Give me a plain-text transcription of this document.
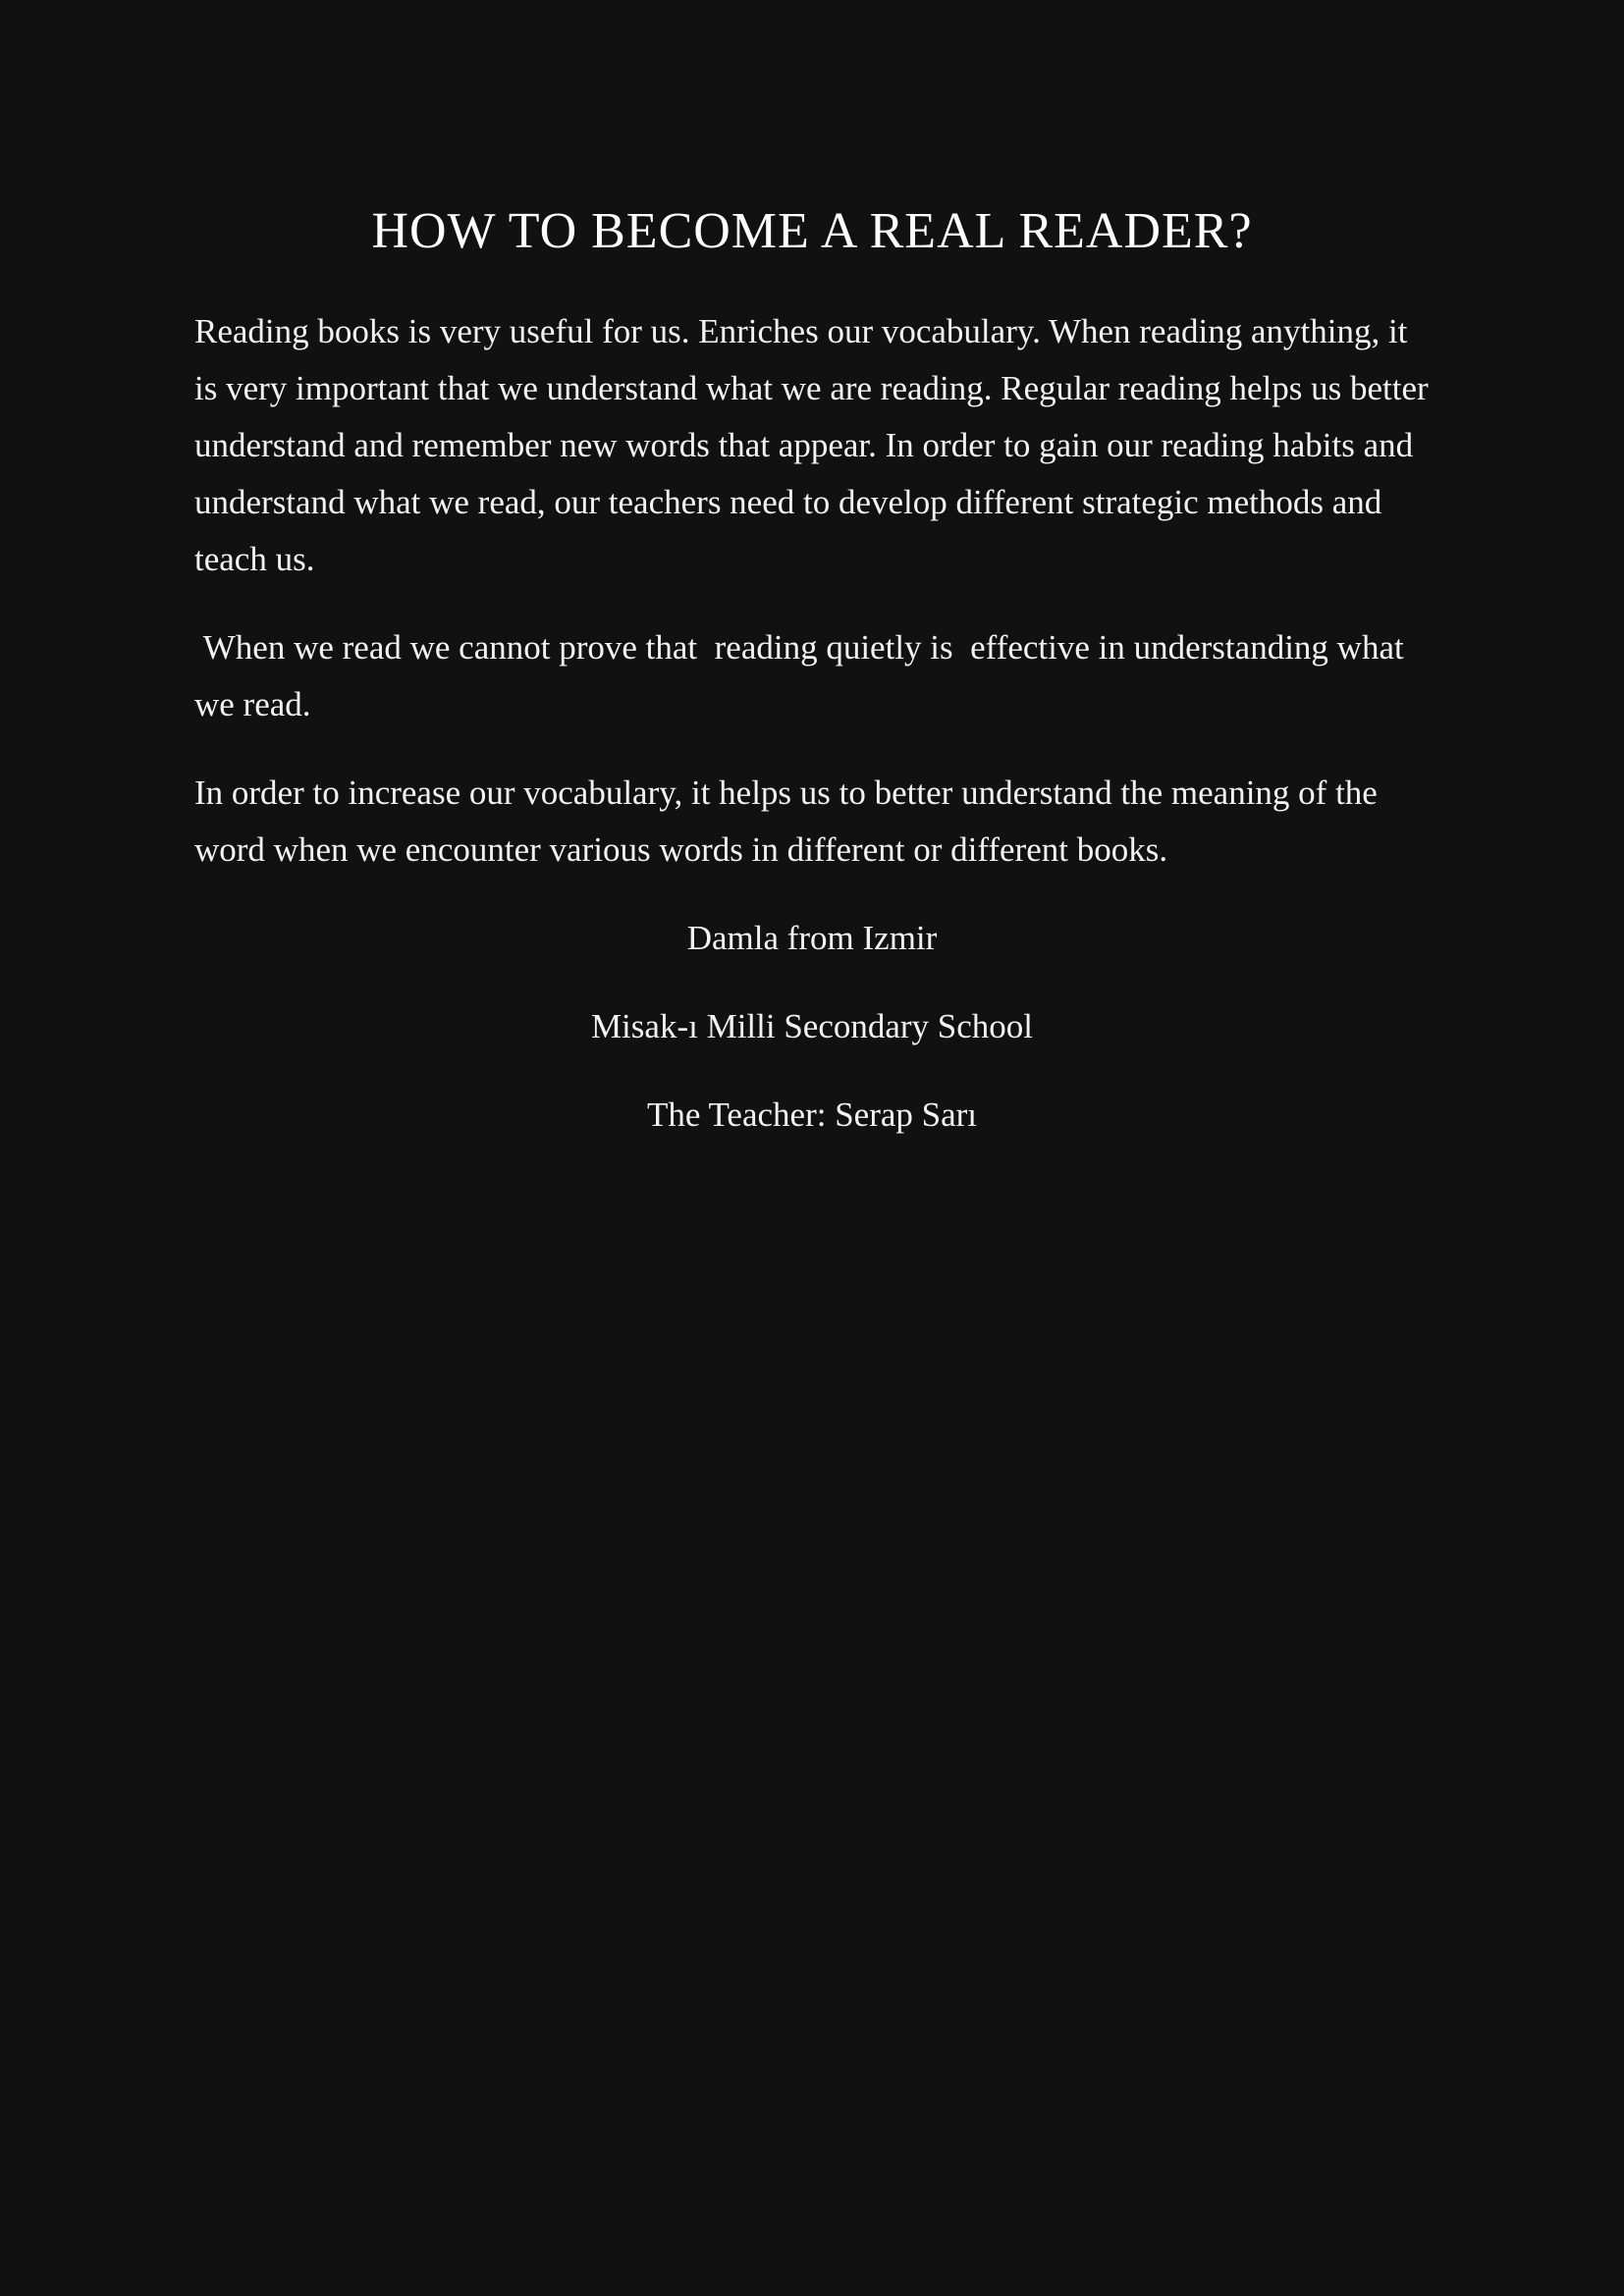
HOW TO BECOME A REAL READER?

Reading books is very useful for us. Enriches our vocabulary. When reading anything, it is very important that we understand what we are reading. Regular reading helps us better understand and remember new words that appear. In order to gain our reading habits and understand what we read, our teachers need to develop different strategic methods and teach us.

When we read we cannot prove that  reading quietly is  effective in understanding what we read.

In order to increase our vocabulary, it helps us to better understand the meaning of the word when we encounter various words in different or different books.

Damla from Izmir

Misak-ı Milli Secondary School

The Teacher: Serap Sarı
